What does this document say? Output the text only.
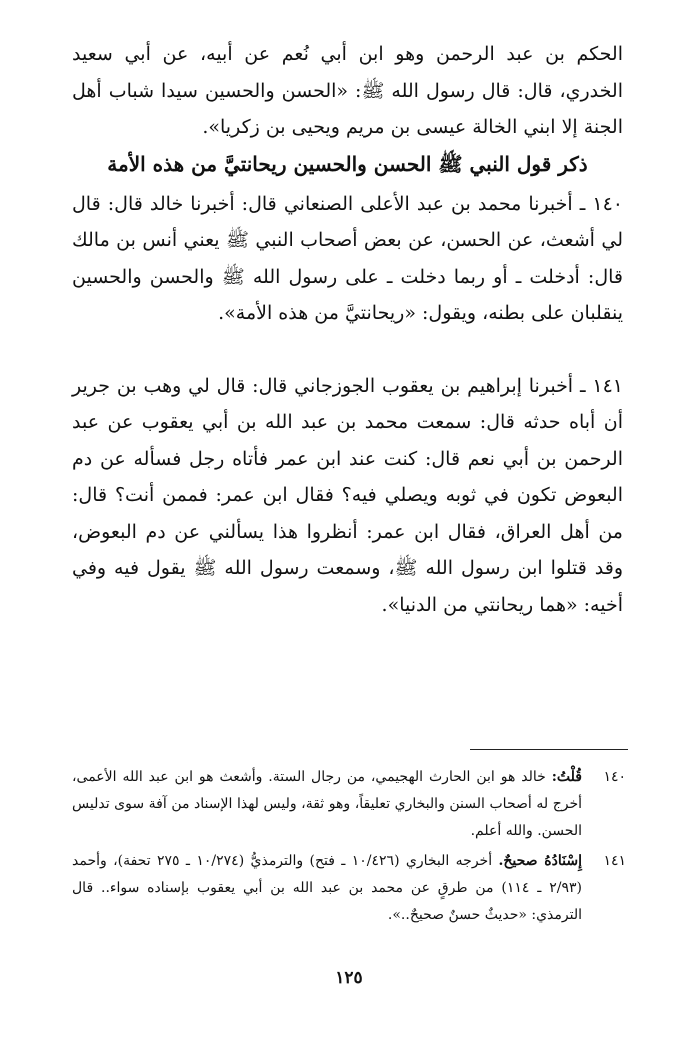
الحكم بن عبد الرحمن وهو ابن أبي نُعم عن أبيه، عن أبي سعيد الخدري، قال: قال رسول الله ﷺ: «الحسن والحسين سيدا شباب أهل الجنة إلا ابني الخالة عيسى بن مريم ويحيى بن زكريا».

ذكر قول النبي ﷺ الحسن والحسين ريحانتيَّ من هذه الأمة

١٤٠ ـ أخبرنا محمد بن عبد الأعلى الصنعاني قال: أخبرنا خالد قال: قال لي أشعث، عن الحسن، عن بعض أصحاب النبي ﷺ يعني أنس بن مالك قال: أدخلت ـ أو ربما دخلت ـ على رسول الله ﷺ والحسن والحسين ينقلبان على بطنه، ويقول: «ريحانتيَّ من هذه الأمة».

١٤١ ـ أخبرنا إبراهيم بن يعقوب الجوزجاني قال: قال لي وهب بن جرير أن أباه حدثه قال: سمعت محمد بن عبد الله بن أبي يعقوب عن عبد الرحمن بن أبي نعم قال: كنت عند ابن عمر فأتاه رجل فسأله عن دم البعوض تكون في ثوبه ويصلي فيه؟ فقال ابن عمر: فممن أنت؟ قال: من أهل العراق، فقال ابن عمر: أنظروا هذا يسألني عن دم البعوض، وقد قتلوا ابن رسول الله ﷺ، وسمعت رسول الله ﷺ يقول فيه وفي أخيه: «هما ريحانتي من الدنيا».

١٤٠
قُلْتُ: خالد هو ابن الحارث الهجيمي، من رجال الستة. وأشعث هو ابن عبد الله الأعمى، أخرج له أصحاب السنن والبخاري تعليقاً، وهو ثقة، وليس لهذا الإسناد من آفة سوى تدليس الحسن. والله أعلم.
١٤١
إِسْنَادُهُ صحيحٌ. أخرجه البخاري (١٠/٤٢٦ ـ فتح) والترمذيُّ (١٠/٢٧٤ ـ ٢٧٥ تحفة)، وأحمد (٢/٩٣ ـ ١١٤) من طرقٍ عن محمد بن عبد الله بن أبي يعقوب بإسناده سواء.. قال الترمذي: «حديثٌ حسنٌ صحيحٌ..».
١٢٥
